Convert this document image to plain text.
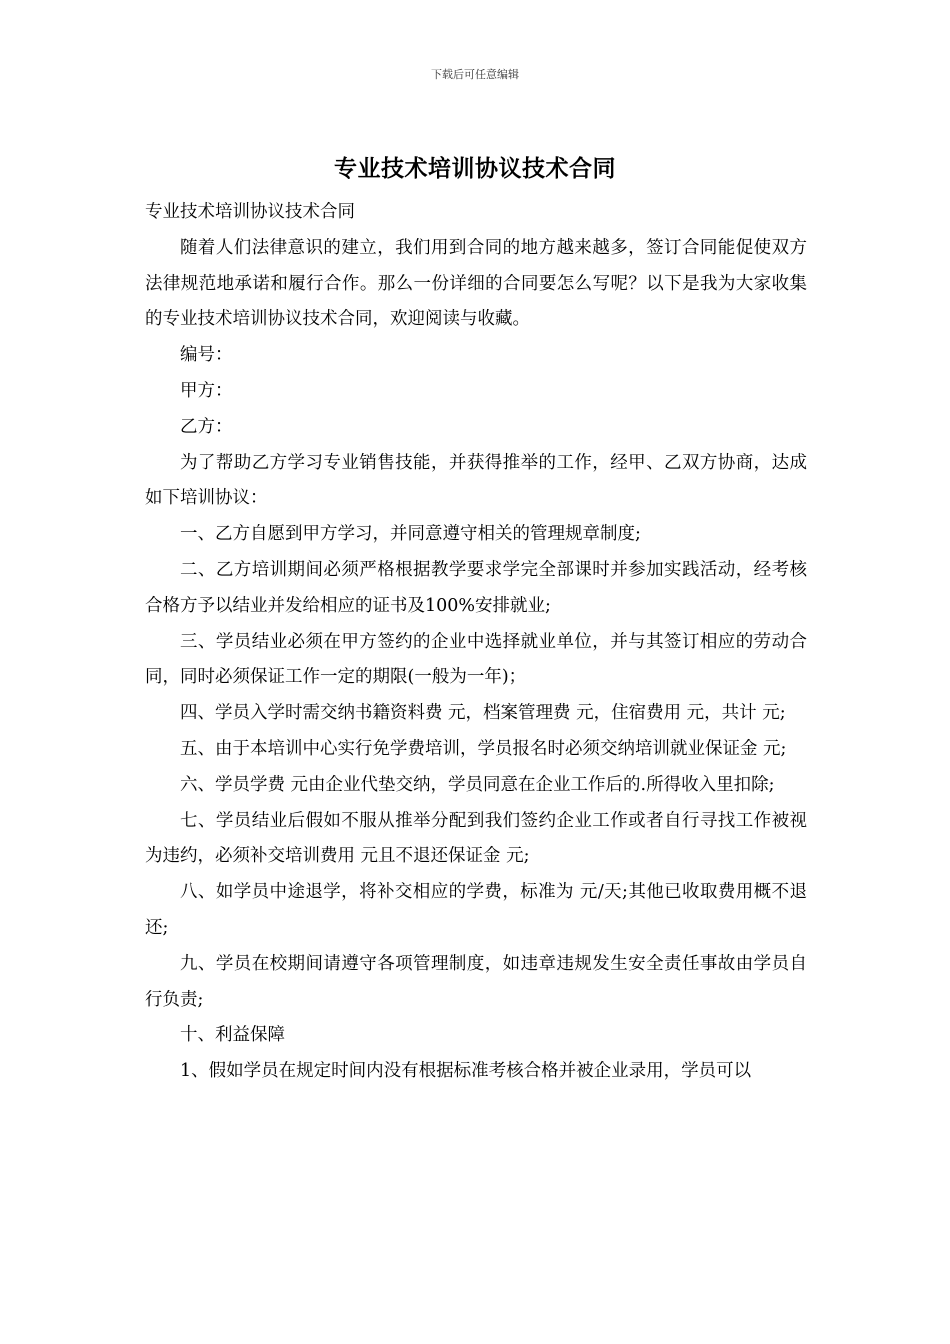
下载后可任意编辑
专业技术培训协议技术合同

专业技术培训协议技术合同

随着人们法律意识的建立，我们用到合同的地方越来越多，签订合同能促使双方法律规范地承诺和履行合作。那么一份详细的合同要怎么写呢？以下是我为大家收集的专业技术培训协议技术合同，欢迎阅读与收藏。

编号：

甲方：

乙方：

为了帮助乙方学习专业销售技能，并获得推举的工作，经甲、乙双方协商，达成如下培训协议：

一、乙方自愿到甲方学习，并同意遵守相关的管理规章制度;

二、乙方培训期间必须严格根据教学要求学完全部课时并参加实践活动，经考核合格方予以结业并发给相应的证书及100%安排就业;

三、学员结业必须在甲方签约的企业中选择就业单位，并与其签订相应的劳动合同，同时必须保证工作一定的期限(一般为一年)；

四、学员入学时需交纳书籍资料费 元，档案管理费 元，住宿费用 元，共计 元;

五、由于本培训中心实行免学费培训，学员报名时必须交纳培训就业保证金 元;

六、学员学费 元由企业代垫交纳，学员同意在企业工作后的.所得收入里扣除;

七、学员结业后假如不服从推举分配到我们签约企业工作或者自行寻找工作被视为违约，必须补交培训费用 元且不退还保证金 元;

八、如学员中途退学，将补交相应的学费，标准为 元/天;其他已收取费用概不退还;

九、学员在校期间请遵守各项管理制度，如违章违规发生安全责任事故由学员自行负责;

十、利益保障

1、假如学员在规定时间内没有根据标准考核合格并被企业录用，学员可以
